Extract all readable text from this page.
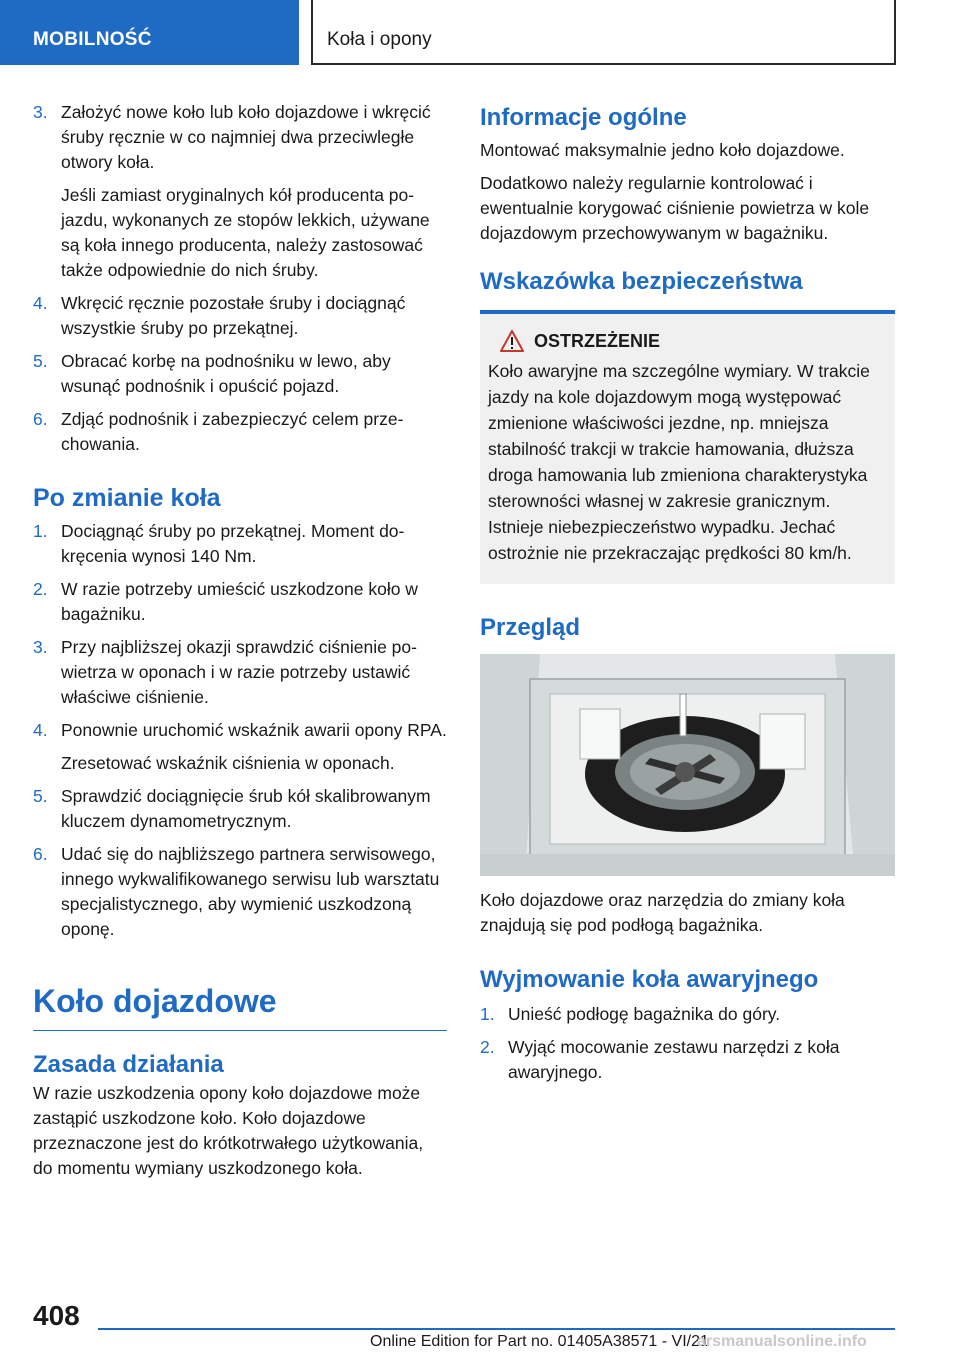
MOBILNOŚĆ	Koła i opony
3. Założyć nowe koło lub koło dojazdowe i wkręcić śruby ręcznie w co najmniej dwa przeciwległe otwory koła.
Jeśli zamiast oryginalnych kół producenta pojazdu, wykonanych ze stopów lekkich, używane są koła innego producenta, należy zastosować także odpowiednie do nich śruby.
4. Wkręcić ręcznie pozostałe śruby i dociągnąć wszystkie śruby po przekątnej.
5. Obracać korbę na podnośniku w lewo, aby wsunąć podnośnik i opuścić pojazd.
6. Zdjąć podnośnik i zabezpieczyć celem przechowania.
Po zmianie koła
1. Dociągnąć śruby po przekątnej. Moment dokręcenia wynosi 140 Nm.
2. W razie potrzeby umieścić uszkodzone koło w bagażniku.
3. Przy najbliższej okazji sprawdzić ciśnienie powietrza w oponach i w razie potrzeby ustawić właściwe ciśnienie.
4. Ponownie uruchomić wskaźnik awarii opony RPA.
Zresetować wskaźnik ciśnienia w oponach.
5. Sprawdzić dociągnięcie śrub kół skalibrowanym kluczem dynamometrycznym.
6. Udać się do najbliższego partnera serwisowego, innego wykwalifikowanego serwisu lub warsztatu specjalistycznego, aby wymienić uszkodzoną oponę.
Koło dojazdowe
Zasada działania

W razie uszkodzenia opony koło dojazdowe może zastąpić uszkodzone koło. Koło dojazdowe przeznaczone jest do krótkotrwałego użytkowania, do momentu wymiany uszkodzonego koła.

Informacje ogólne

Montować maksymalnie jedno koło dojazdowe.

Dodatkowo należy regularnie kontrolować i ewentualnie korygować ciśnienie powietrza w kole dojazdowym przechowywanym w bagażniku.

Wskazówka bezpieczeństwa
OSTRZEŻENIE

Koło awaryjne ma szczególne wymiary. W trakcie jazdy na kole dojazdowym mogą występować zmienione właściwości jezdne, np. mniejsza stabilność trakcji w trakcie hamowania, dłuższa droga hamowania lub zmieniona charakterystyka sterowności własnej w zakresie granicznym. Istnieje niebezpieczeństwo wypadku. Jechać ostrożnie nie przekraczając prędkości 80 km/h.

Przegląd

Koło dojazdowe oraz narzędzia do zmiany koła znajdują się pod podłogą bagażnika.

Wyjmowanie koła awaryjnego
1. Unieść podłogę bagażnika do góry.
2. Wyjąć mocowanie zestawu narzędzi z koła awaryjnego.
408
Online Edition for Part no. 01405A38571 - VI/21
arsmanualsonline.info
